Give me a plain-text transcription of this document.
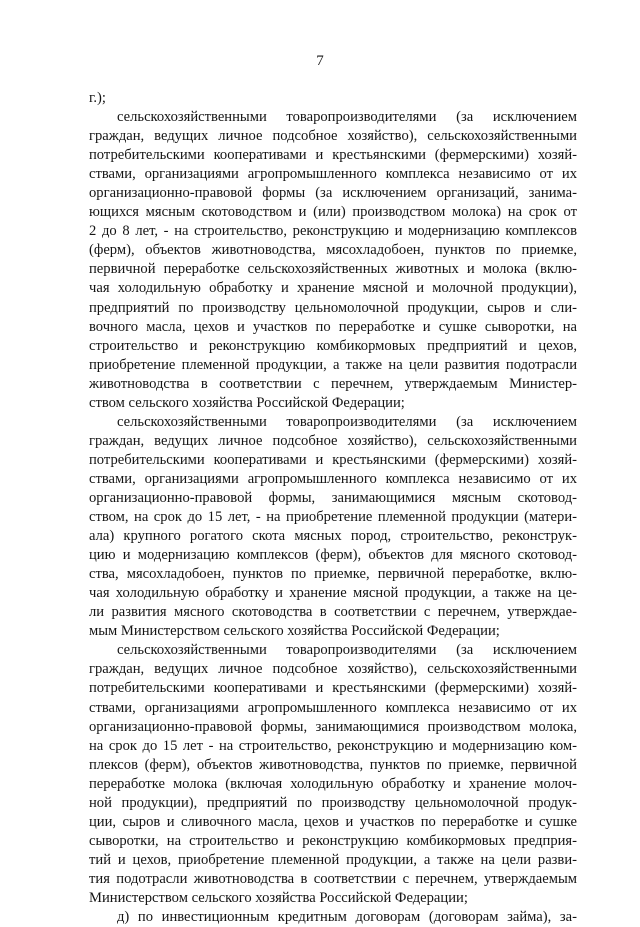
7
г.);
сельскохозяйственными товаропроизводителями (за исключением
граждан, ведущих личное подсобное хозяйство), сельскохозяйственными
потребительскими кооперативами и крестьянскими (фермерскими) хозяй-
ствами, организациями агропромышленного комплекса независимо от их
организационно-правовой формы (за исключением организаций, занима-
ющихся мясным скотоводством и (или) производством молока) на срок от
2 до 8 лет, - на строительство, реконструкцию и модернизацию комплексов
(ферм), объектов животноводства, мясохладобоен, пунктов по приемке,
первичной переработке сельскохозяйственных животных и молока (вклю-
чая холодильную обработку и хранение мясной и молочной продукции),
предприятий по производству цельномолочной продукции, сыров и сли-
вочного масла, цехов и участков по переработке и сушке сыворотки, на
строительство и реконструкцию комбикормовых предприятий и цехов,
приобретение племенной продукции, а также на цели развития подотрасли
животноводства в соответствии с перечнем, утверждаемым Министер-
ством сельского хозяйства Российской Федерации;
сельскохозяйственными товаропроизводителями (за исключением
граждан, ведущих личное подсобное хозяйство), сельскохозяйственными
потребительскими кооперативами и крестьянскими (фермерскими) хозяй-
ствами, организациями агропромышленного комплекса независимо от их
организационно-правовой формы, занимающимися мясным скотовод-
ством, на срок до 15 лет, - на приобретение племенной продукции (матери-
ала) крупного рогатого скота мясных пород, строительство, реконструк-
цию и модернизацию комплексов (ферм), объектов для мясного скотовод-
ства, мясохладобоен, пунктов по приемке, первичной переработке, вклю-
чая холодильную обработку и хранение мясной продукции, а также на це-
ли развития мясного скотоводства в соответствии с перечнем, утверждае-
мым Министерством сельского хозяйства Российской Федерации;
сельскохозяйственными товаропроизводителями (за исключением
граждан, ведущих личное подсобное хозяйство), сельскохозяйственными
потребительскими кооперативами и крестьянскими (фермерскими) хозяй-
ствами, организациями агропромышленного комплекса независимо от их
организационно-правовой формы, занимающимися производством молока,
на срок до 15 лет - на строительство, реконструкцию и модернизацию ком-
плексов (ферм), объектов животноводства, пунктов по приемке, первичной
переработке молока (включая холодильную обработку и хранение молоч-
ной продукции), предприятий по производству цельномолочной продук-
ции, сыров и сливочного масла, цехов и участков по переработке и сушке
сыворотки, на строительство и реконструкцию комбикормовых предприя-
тий и цехов, приобретение племенной продукции, а также на цели разви-
тия подотрасли животноводства в соответствии с перечнем, утверждаемым
Министерством сельского хозяйства Российской Федерации;
д) по инвестиционным кредитным договорам (договорам займа), за-
